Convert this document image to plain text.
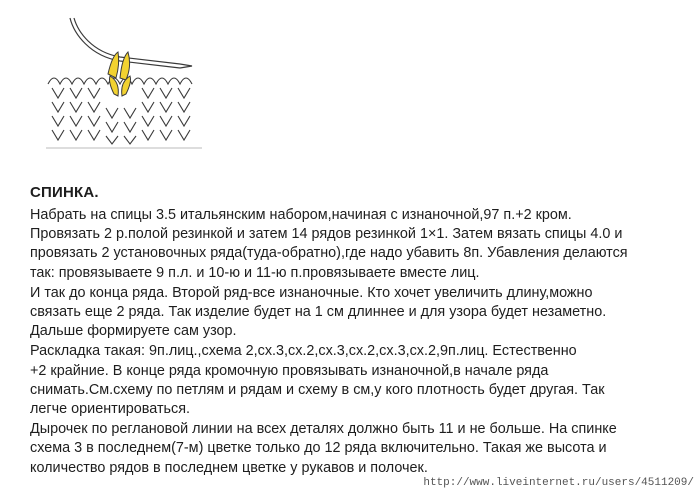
СПИНКА.

Набрать на спицы 3.5 итальянским набором,начиная с изнаночной,97 п.+2 кром.
Провязать 2 р.полой резинкой и затем 14 рядов резинкой 1×1. Затем вязать спицы 4.0 и
провязать 2 установочных ряда(туда-обратно),где надо убавить 8п. Убавления делаются
так: провязываете 9 п.л. и 10-ю и 11-ю п.провязываете вместе лиц.

И так до конца ряда. Второй ряд-все изнаночные. Кто хочет увеличить длину,можно
связать еще 2 ряда. Так изделие будет на 1 см длиннее и для узора будет незаметно.
Дальше формируете сам узор.

Раскладка такая: 9п.лиц.,схема 2,сх.3,сх.2,сх.3,сх.2,сх.3,сх.2,9п.лиц. Естественно
+2 крайние. В конце ряда кромочную провязывать изнаночной,в начале ряда
снимать.См.схему по петлям и рядам и схему в см,у кого плотность будет другая. Так
легче ориентироваться.

Дырочек по реглановой линии на всех деталях должно быть 11 и не больше. На спинке
схема 3 в последнем(7-м) цветке только до 12 ряда включительно. Такая же высота и
количество рядов в последнем цветке у рукавов и полочек.

http://www.liveinternet.ru/users/4511209/
